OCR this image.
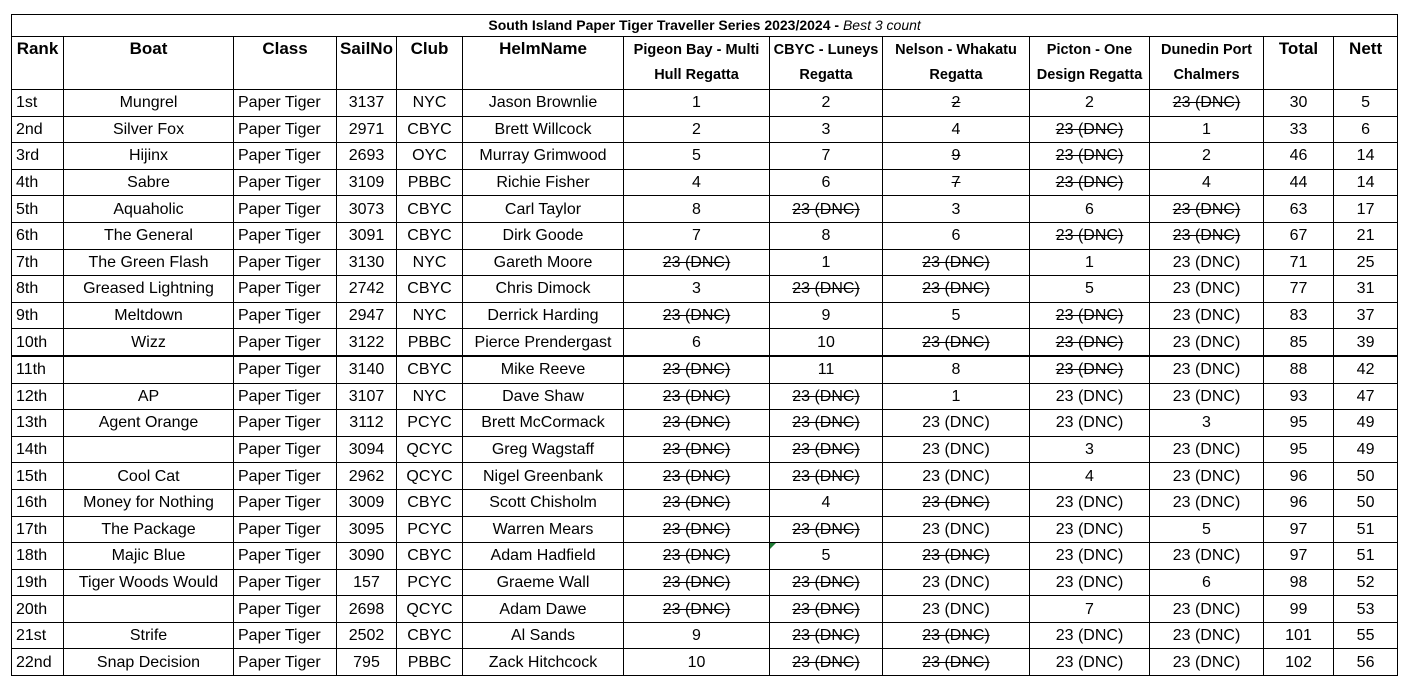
South Island Paper Tiger Traveller Series 2023/2024 - Best 3 count												
Rank	Boat	Class	SailNo	Club	HelmName	Pigeon Bay - Multi Hull Regatta	CBYC - Luneys Regatta	Nelson - Whakatu Regatta	Picton - One Design Regatta	Dunedin Port Chalmers	Total	Nett
1st	Mungrel	Paper Tiger	3137	NYC	Jason Brownlie	1	2	2	2	23 (DNC)	30	5
2nd	Silver Fox	Paper Tiger	2971	CBYC	Brett Willcock	2	3	4	23 (DNC)	1	33	6
3rd	Hijinx	Paper Tiger	2693	OYC	Murray Grimwood	5	7	9	23 (DNC)	2	46	14
4th	Sabre	Paper Tiger	3109	PBBC	Richie Fisher	4	6	7	23 (DNC)	4	44	14
5th	Aquaholic	Paper Tiger	3073	CBYC	Carl Taylor	8	23 (DNC)	3	6	23 (DNC)	63	17
6th	The General	Paper Tiger	3091	CBYC	Dirk Goode	7	8	6	23 (DNC)	23 (DNC)	67	21
7th	The Green Flash	Paper Tiger	3130	NYC	Gareth Moore	23 (DNC)	1	23 (DNC)	1	23 (DNC)	71	25
8th	Greased Lightning	Paper Tiger	2742	CBYC	Chris Dimock	3	23 (DNC)	23 (DNC)	5	23 (DNC)	77	31
9th	Meltdown	Paper Tiger	2947	NYC	Derrick Harding	23 (DNC)	9	5	23 (DNC)	23 (DNC)	83	37
10th	Wizz	Paper Tiger	3122	PBBC	Pierce Prendergast	6	10	23 (DNC)	23 (DNC)	23 (DNC)	85	39
11th		Paper Tiger	3140	CBYC	Mike Reeve	23 (DNC)	11	8	23 (DNC)	23 (DNC)	88	42
12th	AP	Paper Tiger	3107	NYC	Dave Shaw	23 (DNC)	23 (DNC)	1	23 (DNC)	23 (DNC)	93	47
13th	Agent Orange	Paper Tiger	3112	PCYC	Brett McCormack	23 (DNC)	23 (DNC)	23 (DNC)	23 (DNC)	3	95	49
14th		Paper Tiger	3094	QCYC	Greg Wagstaff	23 (DNC)	23 (DNC)	23 (DNC)	3	23 (DNC)	95	49
15th	Cool Cat	Paper Tiger	2962	QCYC	Nigel Greenbank	23 (DNC)	23 (DNC)	23 (DNC)	4	23 (DNC)	96	50
16th	Money for Nothing	Paper Tiger	3009	CBYC	Scott Chisholm	23 (DNC)	4	23 (DNC)	23 (DNC)	23 (DNC)	96	50
17th	The Package	Paper Tiger	3095	PCYC	Warren Mears	23 (DNC)	23 (DNC)	23 (DNC)	23 (DNC)	5	97	51
18th	Majic Blue	Paper Tiger	3090	CBYC	Adam Hadfield	23 (DNC)	5	23 (DNC)	23 (DNC)	23 (DNC)	97	51
19th	Tiger Woods Would	Paper Tiger	157	PCYC	Graeme Wall	23 (DNC)	23 (DNC)	23 (DNC)	23 (DNC)	6	98	52
20th		Paper Tiger	2698	QCYC	Adam Dawe	23 (DNC)	23 (DNC)	23 (DNC)	7	23 (DNC)	99	53
21st	Strife	Paper Tiger	2502	CBYC	Al Sands	9	23 (DNC)	23 (DNC)	23 (DNC)	23 (DNC)	101	55
22nd	Snap Decision	Paper Tiger	795	PBBC	Zack Hitchcock	10	23 (DNC)	23 (DNC)	23 (DNC)	23 (DNC)	102	56
